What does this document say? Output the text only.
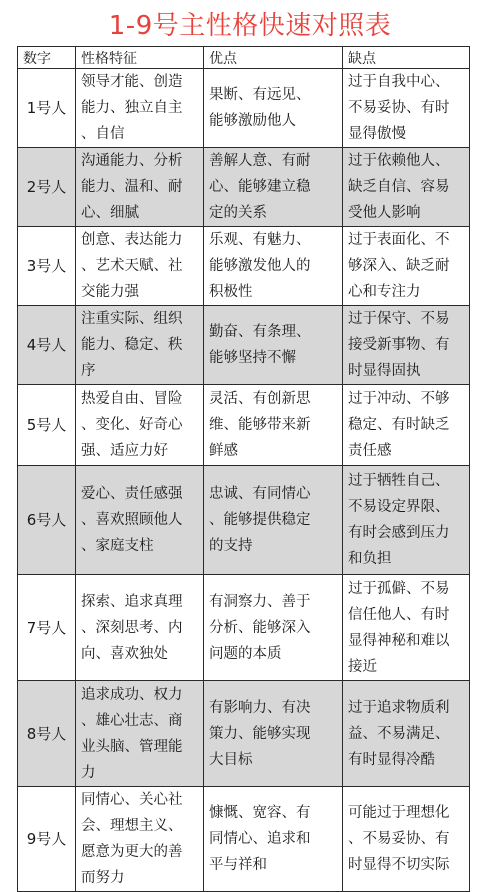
1-9号主性格快速对照表
数字	性格特征	优点	缺点

1号人	领导才能、创造
能力、独立自主
、自信	果断、有远见、
能够激励他人	过于自我中心、
不易妥协、有时
显得傲慢

2号人	沟通能力、分析
能力、温和、耐
心、细腻	善解人意、有耐
心、能够建立稳
定的关系	过于依赖他人、
缺乏自信、容易
受他人影响

3号人	创意、表达能力
、艺术天赋、社
交能力强	乐观、有魅力、
能够激发他人的
积极性	过于表面化、不
够深入、缺乏耐
心和专注力

4号人	注重实际、组织
能力、稳定、秩
序	勤奋、有条理、
能够坚持不懈	过于保守、不易
接受新事物、有
时显得固执

5号人	热爱自由、冒险
、变化、好奇心
强、适应力好	灵活、有创新思
维、能够带来新
鲜感	过于冲动、不够
稳定、有时缺乏
责任感

6号人	爱心、责任感强
、喜欢照顾他人
、家庭支柱	忠诚、有同情心
、能够提供稳定
的支持	过于牺牲自己、
不易设定界限、
有时会感到压力
和负担

7号人	探索、追求真理
、深刻思考、内
向、喜欢独处	有洞察力、善于
分析、能够深入
问题的本质	过于孤僻、不易
信任他人、有时
显得神秘和难以
接近

8号人	追求成功、权力
、雄心壮志、商
业头脑、管理能
力	有影响力、有决
策力、能够实现
大目标	过于追求物质利
益、不易满足、
有时显得冷酷

9号人	同情心、关心社
会、理想主义、
愿意为更大的善
而努力	慷慨、宽容、有
同情心、追求和
平与祥和	可能过于理想化
、不易妥协、有
时显得不切实际
